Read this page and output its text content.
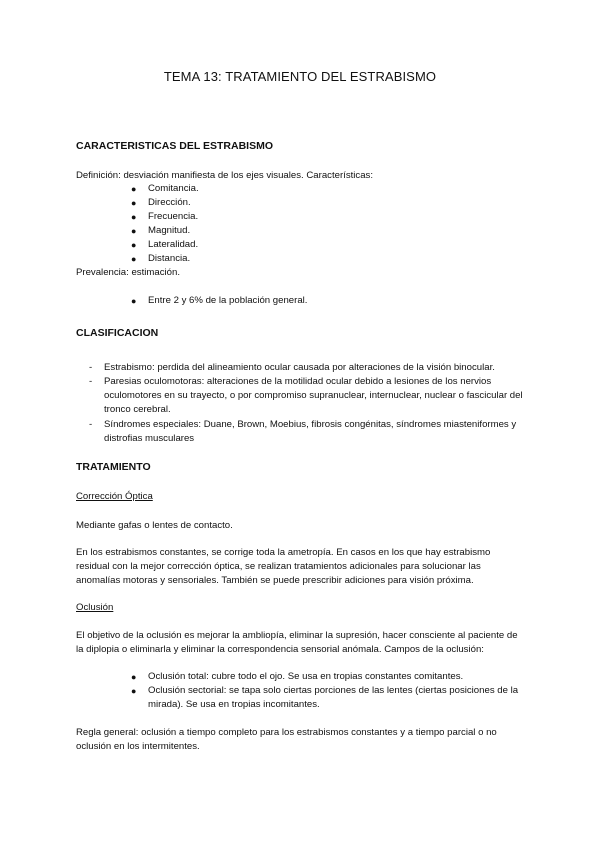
TEMA 13: TRATAMIENTO DEL ESTRABISMO
CARACTERISTICAS DEL ESTRABISMO
Definición: desviación manifiesta de los ejes visuales. Características:
● Comitancia.
● Dirección.
● Frecuencia.
● Magnitud.
● Lateralidad.
● Distancia.
Prevalencia: estimación.
● Entre 2 y 6% de la población general.
CLASIFICACION
- Estrabismo: perdida del alineamiento ocular causada por alteraciones de la visión binocular.
- Paresias oculomotoras: alteraciones de la motilidad ocular debido a lesiones de los nervios oculomotores en su trayecto, o por compromiso supranuclear, internuclear, nuclear o fascicular del tronco cerebral.
- Síndromes especiales: Duane, Brown, Moebius, fibrosis congénitas, síndromes miasteniformes y distrofias musculares
TRATAMIENTO
Corrección Óptica
Mediante gafas o lentes de contacto.
En los estrabismos constantes, se corrige toda la ametropía. En casos en los que hay estrabismo residual con la mejor corrección óptica, se realizan tratamientos adicionales para solucionar las anomalías motoras y sensoriales. También se puede prescribir adiciones para visión próxima.
Oclusión
El objetivo de la oclusión es mejorar la ambliopía, eliminar la supresión, hacer consciente al paciente de la diplopia o eliminarla y eliminar la correspondencia sensorial anómala. Campos de la oclusión:
● Oclusión total: cubre todo el ojo. Se usa en tropias constantes comitantes.
● Oclusión sectorial: se tapa solo ciertas porciones de las lentes (ciertas posiciones de la mirada). Se usa en tropias incomitantes.
Regla general: oclusión a tiempo completo para los estrabismos constantes y a tiempo parcial o no oclusión en los intermitentes.
